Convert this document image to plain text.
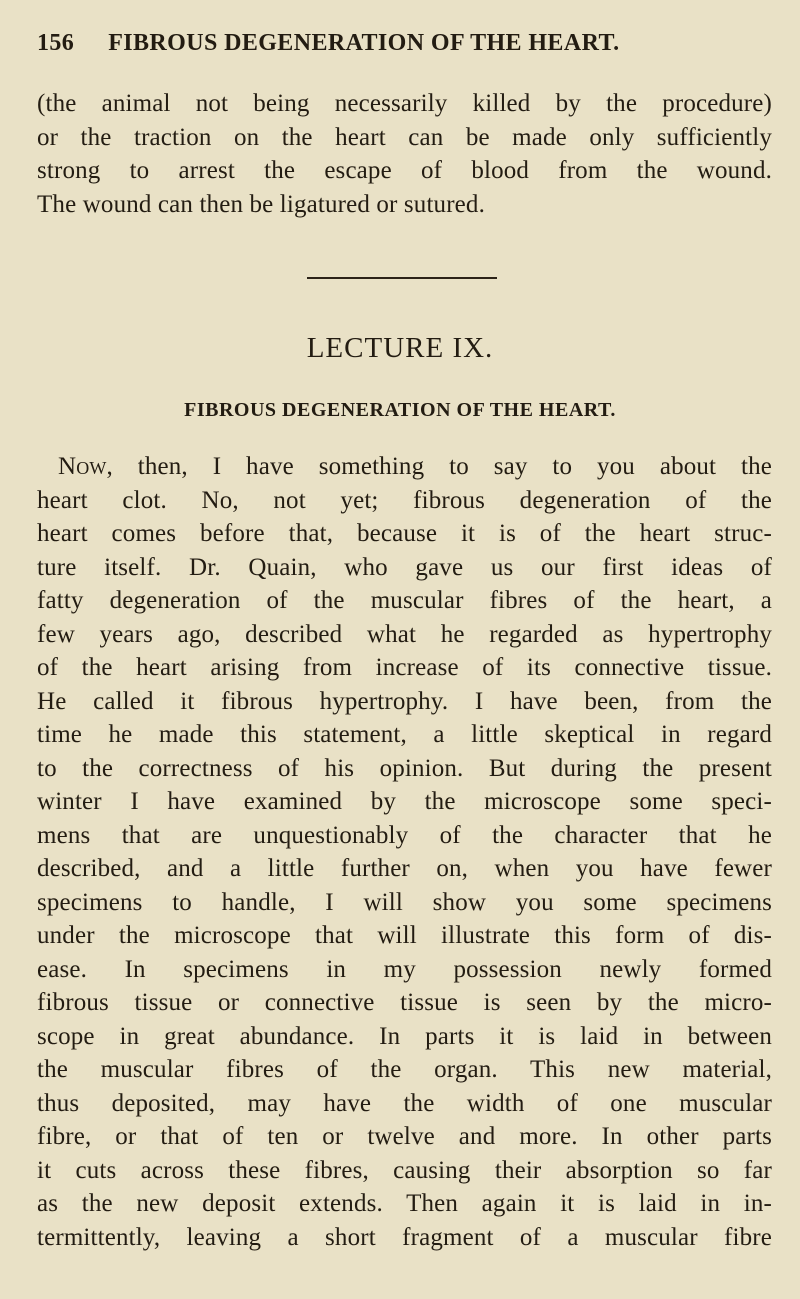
156 FIBROUS DEGENERATION OF THE HEART.
(the animal not being necessarily killed by the procedure)
or the traction on the heart can be made only sufficiently
strong to arrest the escape of blood from the wound.
The wound can then be ligatured or sutured.
LECTURE IX.
FIBROUS DEGENERATION OF THE HEART.
Now, then, I have something to say to you about the
heart clot. No, not yet; fibrous degeneration of the
heart comes before that, because it is of the heart struc-
ture itself. Dr. Quain, who gave us our first ideas of
fatty degeneration of the muscular fibres of the heart, a
few years ago, described what he regarded as hypertrophy
of the heart arising from increase of its connective tissue.
He called it fibrous hypertrophy. I have been, from the
time he made this statement, a little skeptical in regard
to the correctness of his opinion. But during the present
winter I have examined by the microscope some speci-
mens that are unquestionably of the character that he
described, and a little further on, when you have fewer
specimens to handle, I will show you some specimens
under the microscope that will illustrate this form of dis-
ease. In specimens in my possession newly formed
fibrous tissue or connective tissue is seen by the micro-
scope in great abundance. In parts it is laid in between
the muscular fibres of the organ. This new material,
thus deposited, may have the width of one muscular
fibre, or that of ten or twelve and more. In other parts
it cuts across these fibres, causing their absorption so far
as the new deposit extends. Then again it is laid in in-
termittently, leaving a short fragment of a muscular fibre
